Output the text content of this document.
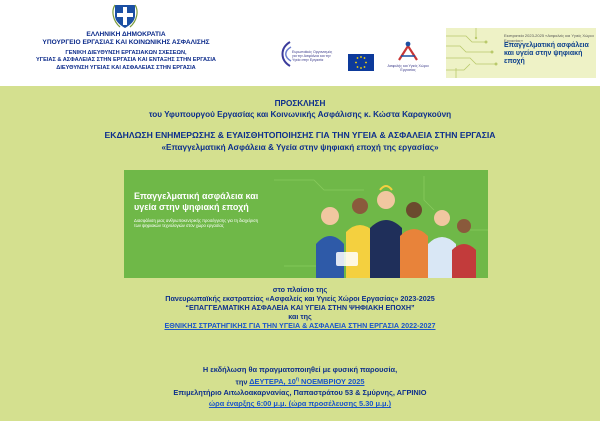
ΕΛΛΗΝΙΚΗ ΔΗΜΟΚΡΑΤΙΑ
ΥΠΟΥΡΓΕΙΟ ΕΡΓΑΣΙΑΣ ΚΑΙ ΚΟΙΝΩΝΙΚΗΣ ΑΣΦΑΛΙΣΗΣ
ΓΕΝΙΚΗ ΔΙΕΥΘΥΝΣΗ ΕΡΓΑΣΙΑΚΩΝ ΣΧΕΣΕΩΝ,
ΥΓΕΙΑΣ & ΑΣΦΑΛΕΙΑΣ ΣΤΗΝ ΕΡΓΑΣΙΑ ΚΑΙ ΕΝΤΑΞΗΣ ΣΤΗΝ ΕΡΓΑΣΙΑ
ΔΙΕΥΘΥΝΣΗ ΥΓΕΙΑΣ ΚΑΙ ΑΣΦΑΛΕΙΑΣ ΣΤΗΝ ΕΡΓΑΣΙΑ
Ευρωπαϊκός Οργανισμός για την Ασφάλεια και την Υγεία στην Εργασία
Ασφαλής και Υγιείς Χώροι Εργασίας
Εκστρατεία 2023-2025 «Ασφαλείς και Υγιείς Χώροι Εργασίας»
Επαγγελματική ασφάλεια και υγεία στην ψηφιακή εποχή
ΠΡΟΣΚΛΗΣΗ
του Υφυπουργού Εργασίας και Κοινωνικής Ασφάλισης κ. Κώστα Καραγκούνη
ΕΚΔΗΛΩΣΗ ΕΝΗΜΕΡΩΣΗΣ & ΕΥΑΙΣΘΗΤΟΠΟΙΗΣΗΣ ΓΙΑ ΤΗΝ ΥΓΕΙΑ & ΑΣΦΑΛΕΙΑ ΣΤΗΝ ΕΡΓΑΣΙΑ
«Επαγγελματική Ασφάλεια & Υγεία στην ψηφιακή εποχή της εργασίας»
Επαγγελματική ασφάλεια και υγεία στην ψηφιακή εποχή
Διασφάλιση μιας ανθρωποκεντρικής προσέγγισης για τη διαχείριση των ψηφιακών τεχνολογιών στον χώρο εργασίας
στο πλαίσιο της
Πανευρωπαϊκής εκστρατείας «Ασφαλείς και Υγιείς Χώροι Εργασίας» 2023-2025
“ΕΠΑΓΓΕΛΜΑΤΙΚΗ ΑΣΦΑΛΕΙΑ ΚΑΙ ΥΓΕΙΑ ΣΤΗΝ ΨΗΦΙΑΚΗ ΕΠΟΧΗ”
και της
ΕΘΝΙΚΗΣ ΣΤΡΑΤΗΓΙΚΗΣ ΓΙΑ ΤΗΝ ΥΓΕΙΑ & ΑΣΦΑΛΕΙΑ ΣΤΗΝ ΕΡΓΑΣΙΑ 2022-2027
Η εκδήλωση θα πραγματοποιηθεί με φυσική παρουσία,
την ΔΕΥΤΕΡΑ, $10^\eta$ ΝΟΕΜΒΡΙΟΥ 2025
Επιμελητήριο Αιτωλοακαρνανίας, Παπαστράτου 53 & Σμύρνης, ΑΓΡΙΝΙΟ
ώρα έναρξης 6:00 μ.μ. (ώρα προσέλευσης 5.30 μ.μ.)
